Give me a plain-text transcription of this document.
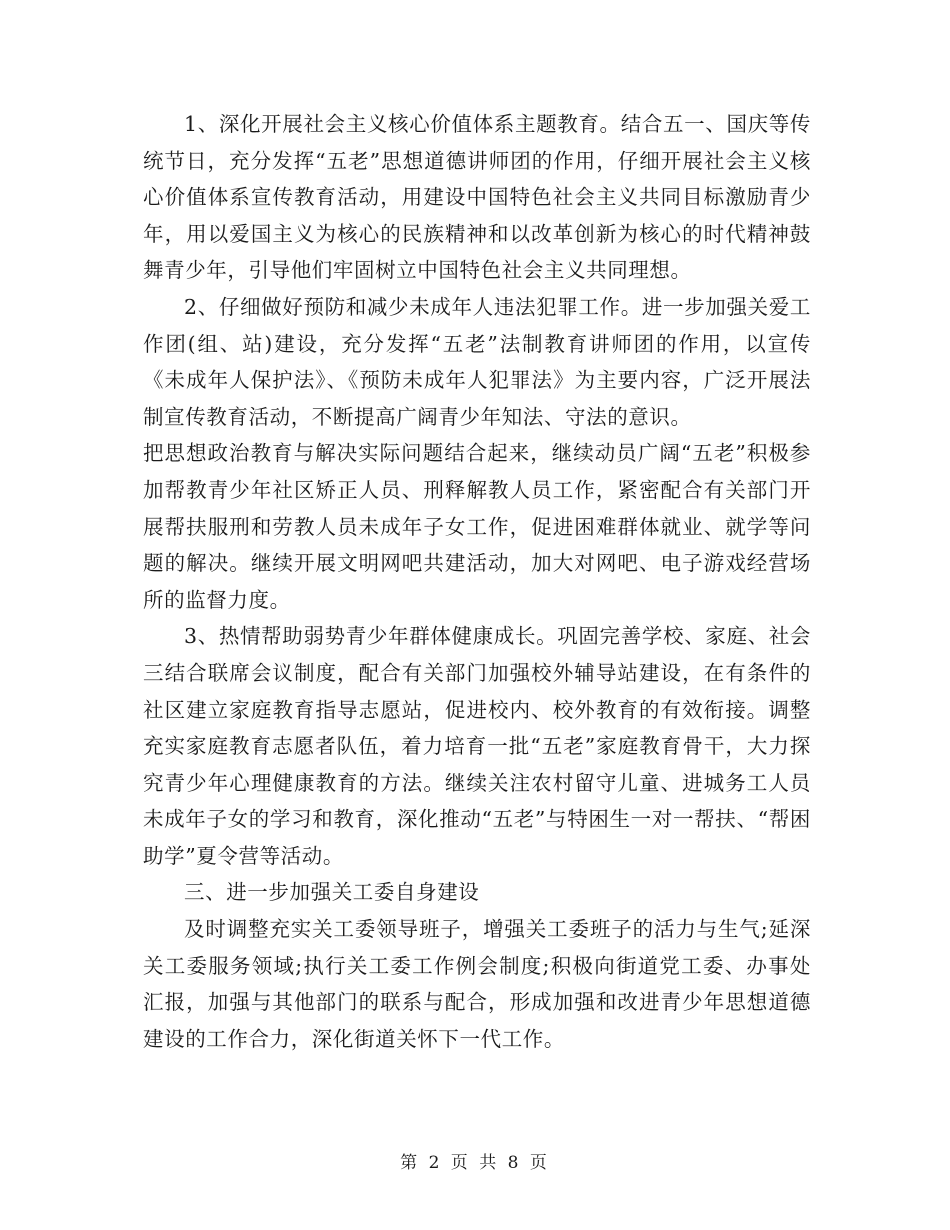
1、深化开展社会主义核心价值体系主题教育。结合五一、国庆等传统节日，充分发挥“五老”思想道德讲师团的作用，仔细开展社会主义核心价值体系宣传教育活动，用建设中国特色社会主义共同目标激励青少年，用以爱国主义为核心的民族精神和以改革创新为核心的时代精神鼓舞青少年，引导他们牢固树立中国特色社会主义共同理想。

2、仔细做好预防和减少未成年人违法犯罪工作。进一步加强关爱工作团(组、站)建设，充分发挥“五老”法制教育讲师团的作用，以宣传《未成年人保护法》、《预防未成年人犯罪法》为主要内容，广泛开展法制宣传教育活动，不断提高广阔青少年知法、守法的意识。

把思想政治教育与解决实际问题结合起来，继续动员广阔“五老”积极参加帮教青少年社区矫正人员、刑释解教人员工作，紧密配合有关部门开展帮扶服刑和劳教人员未成年子女工作，促进困难群体就业、就学等问题的解决。继续开展文明网吧共建活动，加大对网吧、电子游戏经营场所的监督力度。

3、热情帮助弱势青少年群体健康成长。巩固完善学校、家庭、社会三结合联席会议制度，配合有关部门加强校外辅导站建设，在有条件的社区建立家庭教育指导志愿站，促进校内、校外教育的有效衔接。调整充实家庭教育志愿者队伍，着力培育一批“五老”家庭教育骨干，大力探究青少年心理健康教育的方法。继续关注农村留守儿童、进城务工人员未成年子女的学习和教育，深化推动“五老”与特困生一对一帮扶、“帮困助学”夏令营等活动。

三、进一步加强关工委自身建设

及时调整充实关工委领导班子，增强关工委班子的活力与生气;延深关工委服务领域;执行关工委工作例会制度;积极向街道党工委、办事处汇报，加强与其他部门的联系与配合，形成加强和改进青少年思想道德建设的工作合力，深化街道关怀下一代工作。

第 2 页 共 8 页
